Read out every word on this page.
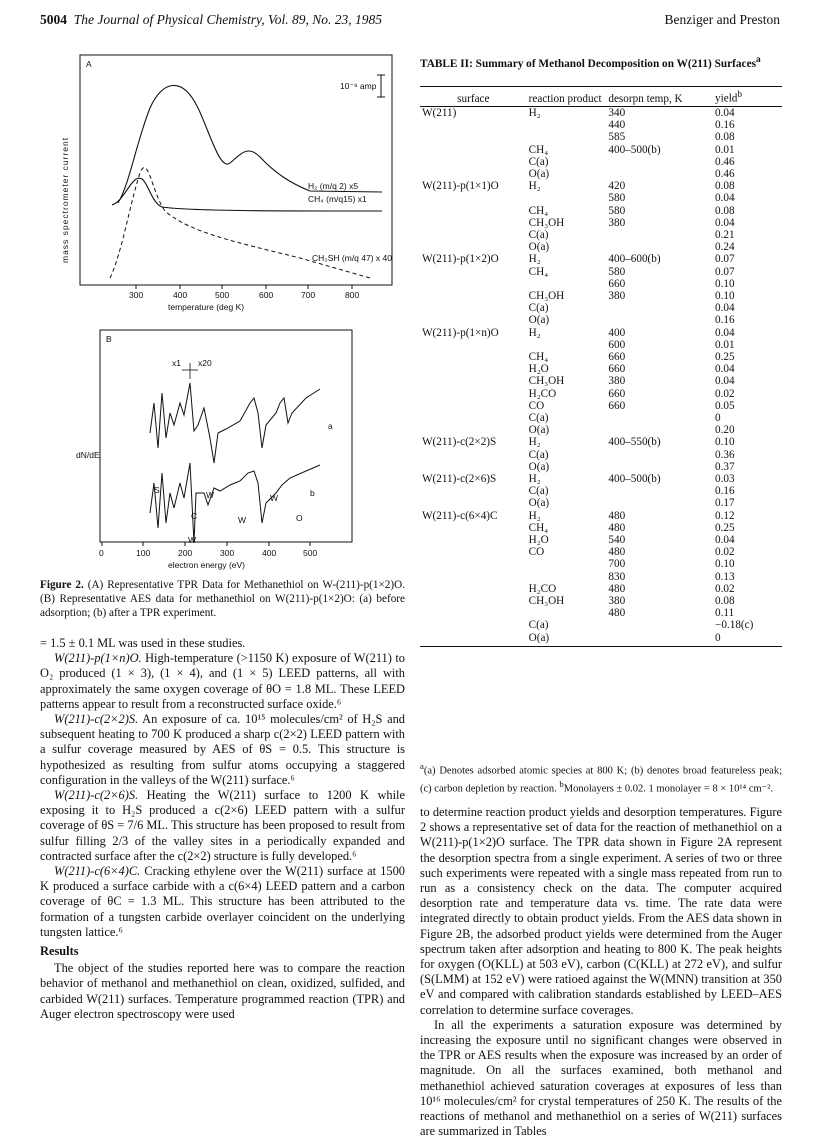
5004 The Journal of Physical Chemistry, Vol. 89, No. 23, 1985	Benziger and Preston
A
10⁻⁸ amp
H₂ (m/q 2) x5
CH₄ (m/q15) x1
CH₃SH (m/q 47) x 40
mass spectrometer current
300	400	500	600	700	800
temperature (deg K)
B
x1 x20
a
b
S
C
W
W
W
W
O
dN/dE
0	100	200	300	400	500
electron energy (eV)
Figure 2. (A) Representative TPR Data for Methanethiol on W-(211)-p(1×2)O. (B) Representative AES data for methanethiol on W(211)-p(1×2)O: (a) before adsorption; (b) after a TPR experiment.

= 1.5 ± 0.1 ML was used in these studies.

W(211)-p(1×n)O. High-temperature (>1150 K) exposure of W(211) to O₂ produced (1 × 3), (1 × 4), and (1 × 5) LEED patterns, all with approximately the same oxygen coverage of θO = 1.8 ML. These LEED patterns appear to result from a reconstructed surface oxide.⁶

W(211)-c(2×2)S. An exposure of ca. 10¹⁵ molecules/cm² of H₂S and subsequent heating to 700 K produced a sharp c(2×2) LEED pattern with a sulfur coverage measured by AES of θS = 0.5. This structure is hypothesized as resulting from sulfur atoms occupying a staggered configuration in the valleys of the W(211) surface.⁶

W(211)-c(2×6)S. Heating the W(211) surface to 1200 K while exposing it to H₂S produced a c(2×6) LEED pattern with a sulfur coverage of θS = 7/6 ML. This structure has been proposed to result from sulfur filling 2/3 of the valley sites in a periodically expanded and contracted surface after the c(2×2) structure is fully developed.⁶

W(211)-c(6×4)C. Cracking ethylene over the W(211) surface at 1500 K produced a surface carbide with a c(6×4) LEED pattern and a carbon coverage of θC = 1.3 ML. This structure has been attributed to the formation of a tungsten carbide overlayer coincident on the underlying tungsten lattice.⁶

Results

The object of the studies reported here was to compare the reaction behavior of methanol and methanethiol on clean, oxidized, sulfided, and carbided W(211) surfaces. Temperature programmed reaction (TPR) and Auger electron spectroscopy were used

TABLE II: Summary of Methanol Decomposition on W(211) Surfaces$^a$
surface	reaction product	desorpn temp, K	yield$^b$
W(211)	H₂	340	0.04
		440	0.16
		585	0.08
	CH₄	400–500(b)	0.01
	C(a)		0.46
	O(a)		0.46
W(211)-p(1×1)O	H₂	420	0.08
		580	0.04
	CH₄	580	0.08
	CH₃OH	380	0.04
	C(a)		0.21
	O(a)		0.24
W(211)-p(1×2)O	H₂	400–600(b)	0.07
	CH₄	580	0.07
		660	0.10
	CH₃OH	380	0.10
	C(a)		0.04
	O(a)		0.16
W(211)-p(1×n)O	H₂	400	0.04
		600	0.01
	CH₄	660	0.25
	H₂O	660	0.04
	CH₃OH	380	0.04
	H₂CO	660	0.02
	CO	660	0.05
	C(a)		0
	O(a)		0.20
W(211)-c(2×2)S	H₂	400–550(b)	0.10
	C(a)		0.36
	O(a)		0.37
W(211)-c(2×6)S	H₂	400–500(b)	0.03
	C(a)		0.16
	O(a)		0.17
W(211)-c(6×4)C	H₂	480	0.12
	CH₄	480	0.25
	H₂O	540	0.04
	CO	480	0.02
		700	0.10
		830	0.13
	H₂CO	480	0.02
	CH₃OH	380	0.08
		480	0.11
	C(a)		−0.18(c)
	O(a)		0
$^a$(a) Denotes adsorbed atomic species at 800 K; (b) denotes broad featureless peak; (c) carbon depletion by reaction. $^b$Monolayers ± 0.02. 1 monolayer = 8 × 10¹⁴ cm⁻².

to determine reaction product yields and desorption temperatures. Figure 2 shows a representative set of data for the reaction of methanethiol on a W(211)-p(1×2)O surface. The TPR data shown in Figure 2A represent the desorption spectra from a single experiment. A series of two or three such experiments were repeated with a single mass repeated from run to run as a consistency check on the data. The computer acquired desorption rate and temperature data vs. time. The rate data were integrated directly to obtain product yields. From the AES data shown in Figure 2B, the adsorbed product yields were determined from the Auger spectrum taken after adsorption and heating to 800 K. The peak heights for oxygen (O(KLL) at 503 eV), carbon (C(KLL) at 272 eV), and sulfur (S(LMM) at 152 eV) were ratioed against the W(MNN) transition at 350 eV and compared with calibration standards established by LEED–AES correlation to determine surface coverages.

In all the experiments a saturation exposure was determined by increasing the exposure until no significant changes were observed in the TPR or AES results when the exposure was increased by an order of magnitude. On all the surfaces examined, both methanol and methanethiol achieved saturation coverages at exposures of less than 10¹⁶ molecules/cm² for crystal temperatures of 250 K. The results of the reactions of methanol and methanethiol on a series of W(211) surfaces are summarized in Tables
